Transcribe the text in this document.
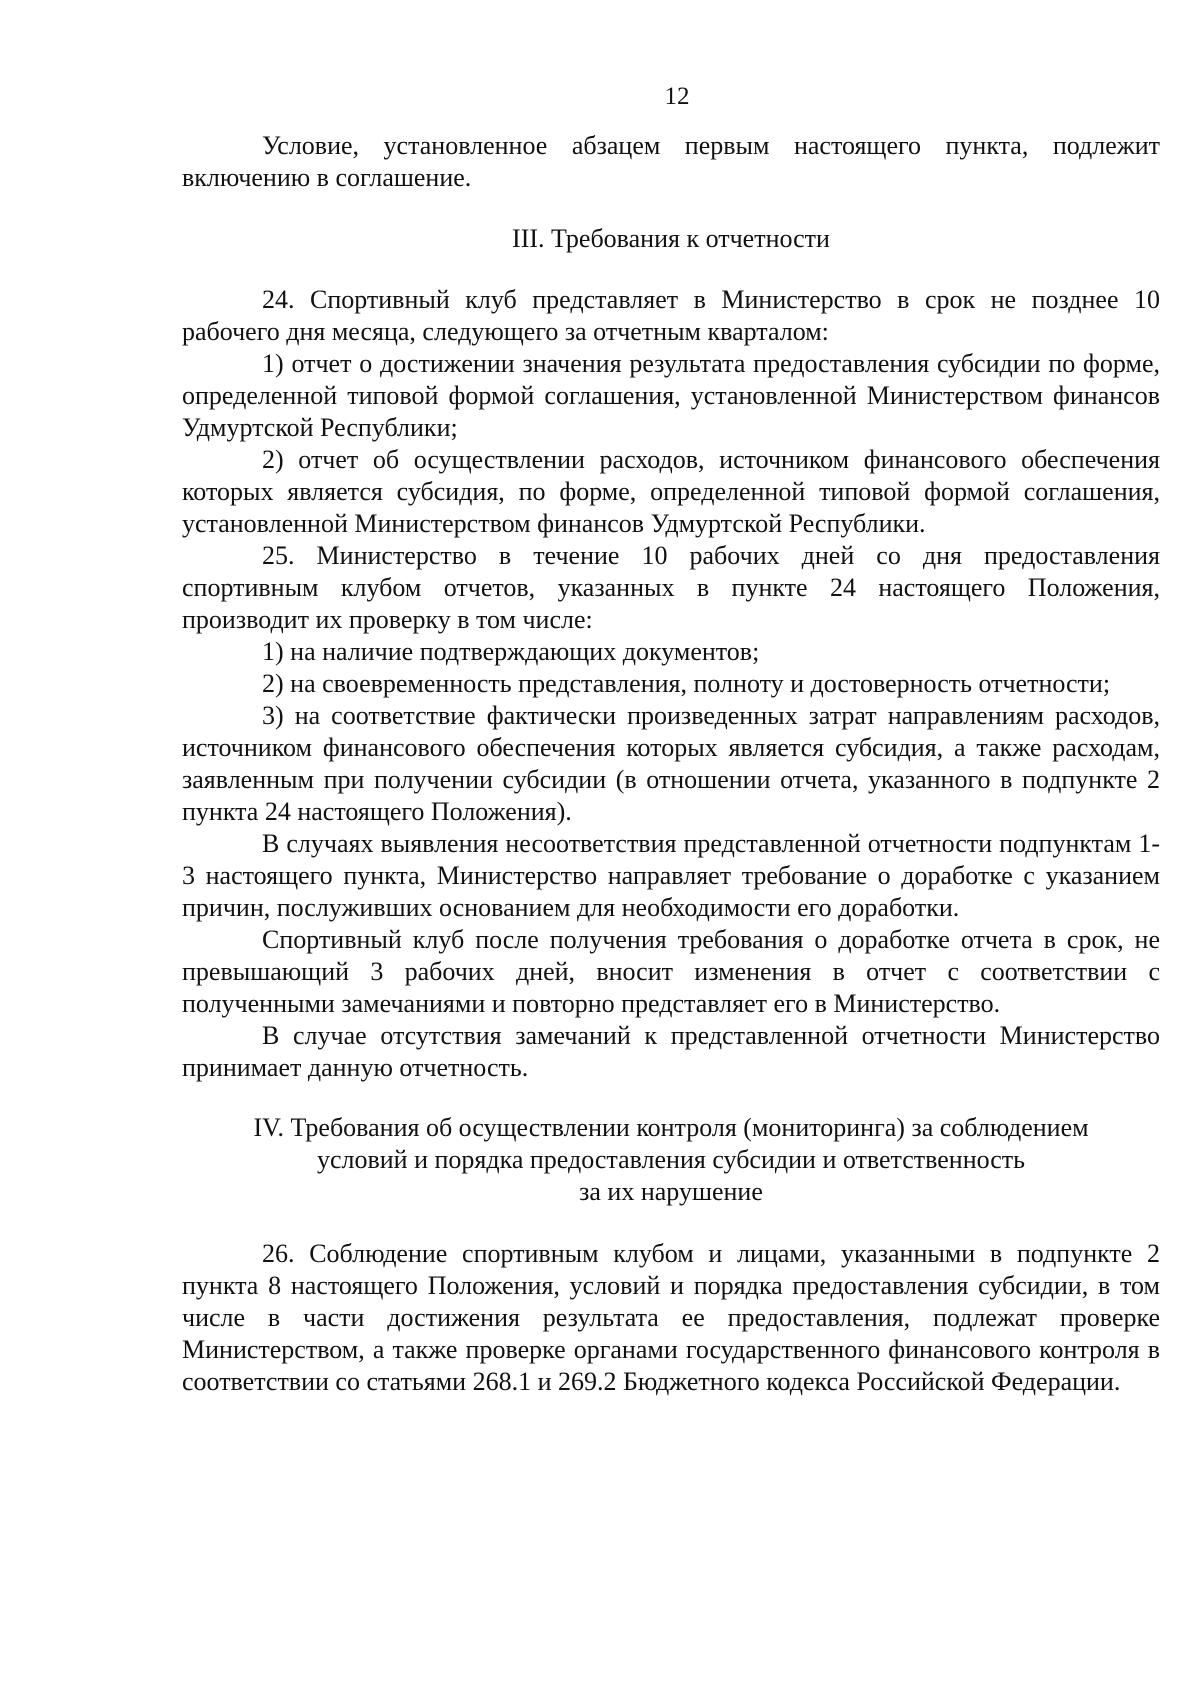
12

Условие, установленное абзацем первым настоящего пункта, подлежит включению в соглашение.

III. Требования к отчетности

24. Спортивный клуб представляет в Министерство в срок не позднее 10 рабочего дня месяца, следующего за отчетным кварталом:

1) отчет о достижении значения результата предоставления субсидии по форме, определенной типовой формой соглашения, установленной Министерством финансов Удмуртской Республики;

2) отчет об осуществлении расходов, источником финансового обеспечения которых является субсидия, по форме, определенной типовой формой соглашения, установленной Министерством финансов Удмуртской Республики.

25. Министерство в течение 10 рабочих дней со дня предоставления спортивным клубом отчетов, указанных в пункте 24 настоящего Положения, производит их проверку в том числе:

1) на наличие подтверждающих документов;

2) на своевременность представления, полноту и достоверность отчетности;

3) на соответствие фактически произведенных затрат направлениям расходов, источником финансового обеспечения которых является субсидия, а также расходам, заявленным при получении субсидии (в отношении отчета, указанного в подпункте 2 пункта 24 настоящего Положения).

В случаях выявления несоответствия представленной отчетности подпунктам 1-3 настоящего пункта, Министерство направляет требование о доработке с указанием причин, послуживших основанием для необходимости его доработки.

Спортивный клуб после получения требования о доработке отчета в срок, не превышающий 3 рабочих дней, вносит изменения в отчет с соответствии с полученными замечаниями и повторно представляет его в Министерство.

В случае отсутствия замечаний к представленной отчетности Министерство принимает данную отчетность.

IV. Требования об осуществлении контроля (мониторинга) за соблюдением
условий и порядка предоставления субсидии и ответственность
за их нарушение

26. Соблюдение спортивным клубом и лицами, указанными в подпункте 2 пункта 8 настоящего Положения, условий и порядка предоставления субсидии, в том числе в части достижения результата ее предоставления, подлежат проверке Министерством, а также проверке органами государственного финансового контроля в соответствии со статьями 268.1 и 269.2 Бюджетного кодекса Российской Федерации.
